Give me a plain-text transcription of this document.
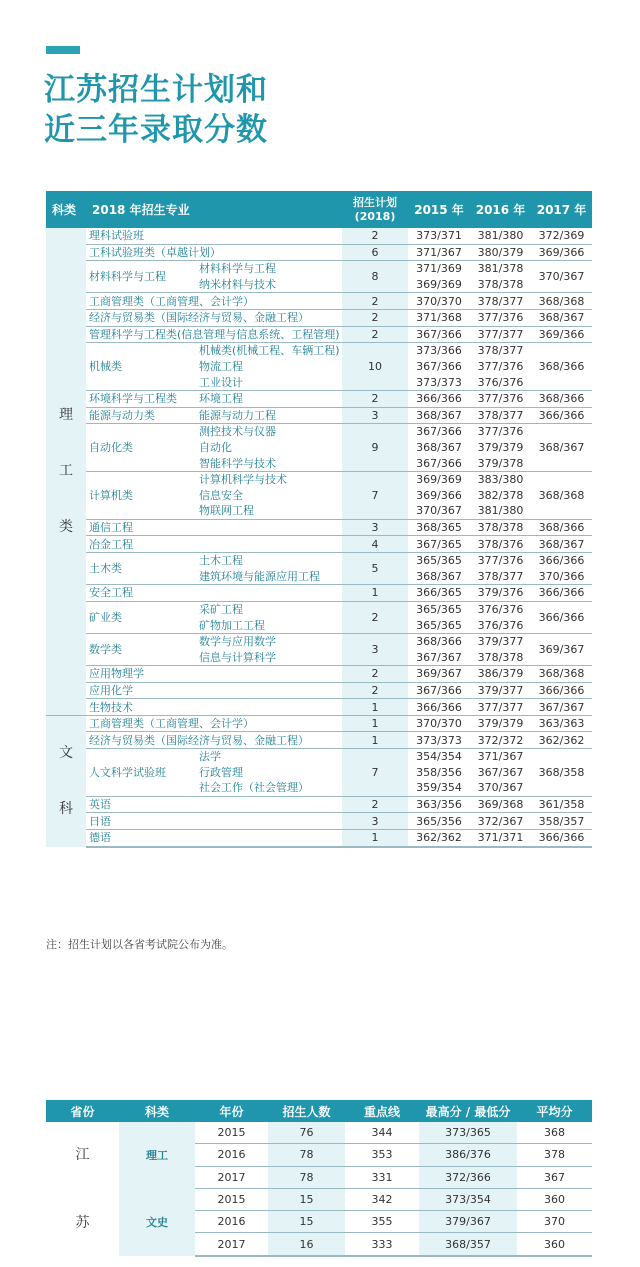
江苏招生计划和
近三年录取分数
科类	2018 年招生专业		招生计划
(2018)	2015 年	2016 年	2017 年
理

工

类	理科试验班		2	373/371	381/380	372/369
	工科试验班类（卓越计划）		6	371/367	380/379	369/366
	材料科学与工程	材料科学与工程	8	371/369	381/378	370/367
		纳米材料与技术		369/369	378/378	
	工商管理类（工商管理、会计学）		2	370/370	378/377	368/368
	经济与贸易类（国际经济与贸易、金融工程）		2	371/368	377/376	368/367
	管理科学与工程类(信息管理与信息系统、工程管理)		2	367/366	377/377	369/366
	机械类	机械类(机械工程、车辆工程)	10	373/366	378/377	368/366
		物流工程		367/366	377/376	
		工业设计		373/373	376/376	
	环境科学与工程类	环境工程	2	366/366	377/376	368/366
	能源与动力类	能源与动力工程	3	368/367	378/377	366/366
	自动化类	测控技术与仪器	9	367/366	377/376	368/367
		自动化		368/367	379/379	
		智能科学与技术		367/366	379/378	
	计算机类	计算机科学与技术	7	369/369	383/380	368/368
		信息安全		369/366	382/378	
		物联网工程		370/367	381/380	
	通信工程		3	368/365	378/378	368/366
	冶金工程		4	367/365	378/376	368/367
	土木类	土木工程	5	365/365	377/376	366/366
		建筑环境与能源应用工程		368/367	378/377	370/366
	安全工程		1	366/365	379/376	366/366
	矿业类	采矿工程	2	365/365	376/376	366/366
		矿物加工工程		365/365	376/376	
	数学类	数学与应用数学	3	368/366	379/377	369/367
		信息与计算科学		367/367	378/378	
	应用物理学		2	369/367	386/379	368/368
	应用化学		2	367/366	379/377	366/366
	生物技术		1	366/366	377/377	367/367
文

科	工商管理类（工商管理、会计学）		1	370/370	379/379	363/363
	经济与贸易类（国际经济与贸易、金融工程）		1	373/373	372/372	362/362
	人文科学试验班	法学	7	354/354	371/367	368/358
		行政管理		358/356	367/367	
		社会工作（社会管理）		359/354	370/367	
	英语		2	363/356	369/368	361/358
	日语		3	365/356	372/367	358/357
	德语		1	362/362	371/371	366/366
注：招生计划以各省考试院公布为准。
省份	科类	年份	招生人数	重点线	最高分 / 最低分	平均分
江

苏	理工	2015	76	344	373/365	368
		2016	78	353	386/376	378
		2017	78	331	372/366	367
	文史	2015	15	342	373/354	360
		2016	15	355	379/367	370
		2017	16	333	368/357	360
